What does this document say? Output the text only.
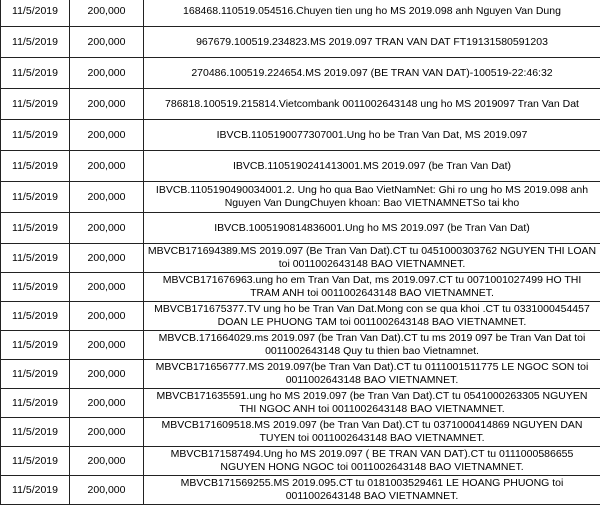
11/5/2019	200,000	168468.110519.054516.Chuyen tien ung ho MS 2019.098 anh Nguyen Van Dung
11/5/2019	200,000	967679.100519.234823.MS 2019.097 TRAN VAN DAT FT19131580591203
11/5/2019	200,000	270486.100519.224654.MS 2019.097 (BE TRAN VAN DAT)-100519-22:46:32
11/5/2019	200,000	786818.100519.215814.Vietcombank 0011002643148 ung ho MS 2019097 Tran Van Dat
11/5/2019	200,000	IBVCB.1105190077307001.Ung ho be Tran Van Dat, MS 2019.097
11/5/2019	200,000	IBVCB.1105190241413001.MS 2019.097 (be Tran Van Dat)
11/5/2019	200,000	IBVCB.1105190490034001.2. Ung ho qua Bao VietNamNet: Ghi ro ung ho MS 2019.098 anh Nguyen Van DungChuyen khoan: Bao VIETNAMNETSo tai kho
11/5/2019	200,000	IBVCB.1005190814836001.Ung ho MS 2019.097 (be Tran Van Dat)
11/5/2019	200,000	MBVCB171694389.MS 2019.097 (Be Tran Van Dat).CT tu 0451000303762 NGUYEN THI LOAN toi 0011002643148 BAO VIETNAMNET.
11/5/2019	200,000	MBVCB171676963.ung ho em Tran Van Dat, ms 2019.097.CT tu 0071001027499 HO THI TRAM ANH toi 0011002643148 BAO VIETNAMNET.
11/5/2019	200,000	MBVCB171675377.TV ung ho be Tran Van Dat.Mong con se qua khoi .CT tu 0331000454457 DOAN LE PHUONG TAM toi 0011002643148 BAO VIETNAMNET.
11/5/2019	200,000	MBVCB.171664029.ms 2019.097 (be Tran Van Dat).CT tu ms 2019 097 be Tran Van Dat toi 0011002643148 Quy tu thien bao Vietnamnet.
11/5/2019	200,000	MBVCB171656777.MS 2019.097(be Tran Van Dat).CT tu 0111001511775 LE NGOC SON toi 0011002643148 BAO VIETNAMNET.
11/5/2019	200,000	MBVCB171635591.ung ho MS 2019.097 (be Tran Van Dat).CT tu 0541000263305 NGUYEN THI NGOC ANH toi 0011002643148 BAO VIETNAMNET.
11/5/2019	200,000	MBVCB171609518.MS 2019.097 (be Tran Van Dat).CT tu 0371000414869 NGUYEN DAN TUYEN toi 0011002643148 BAO VIETNAMNET.
11/5/2019	200,000	MBVCB171587494.Ung ho MS 2019.097 ( BE TRAN VAN DAT).CT tu 0111000586655 NGUYEN HONG NGOC toi 0011002643148 BAO VIETNAMNET.
11/5/2019	200,000	MBVCB171569255.MS 2019.095.CT tu 0181003529461 LE HOANG PHUONG toi 0011002643148 BAO VIETNAMNET.
